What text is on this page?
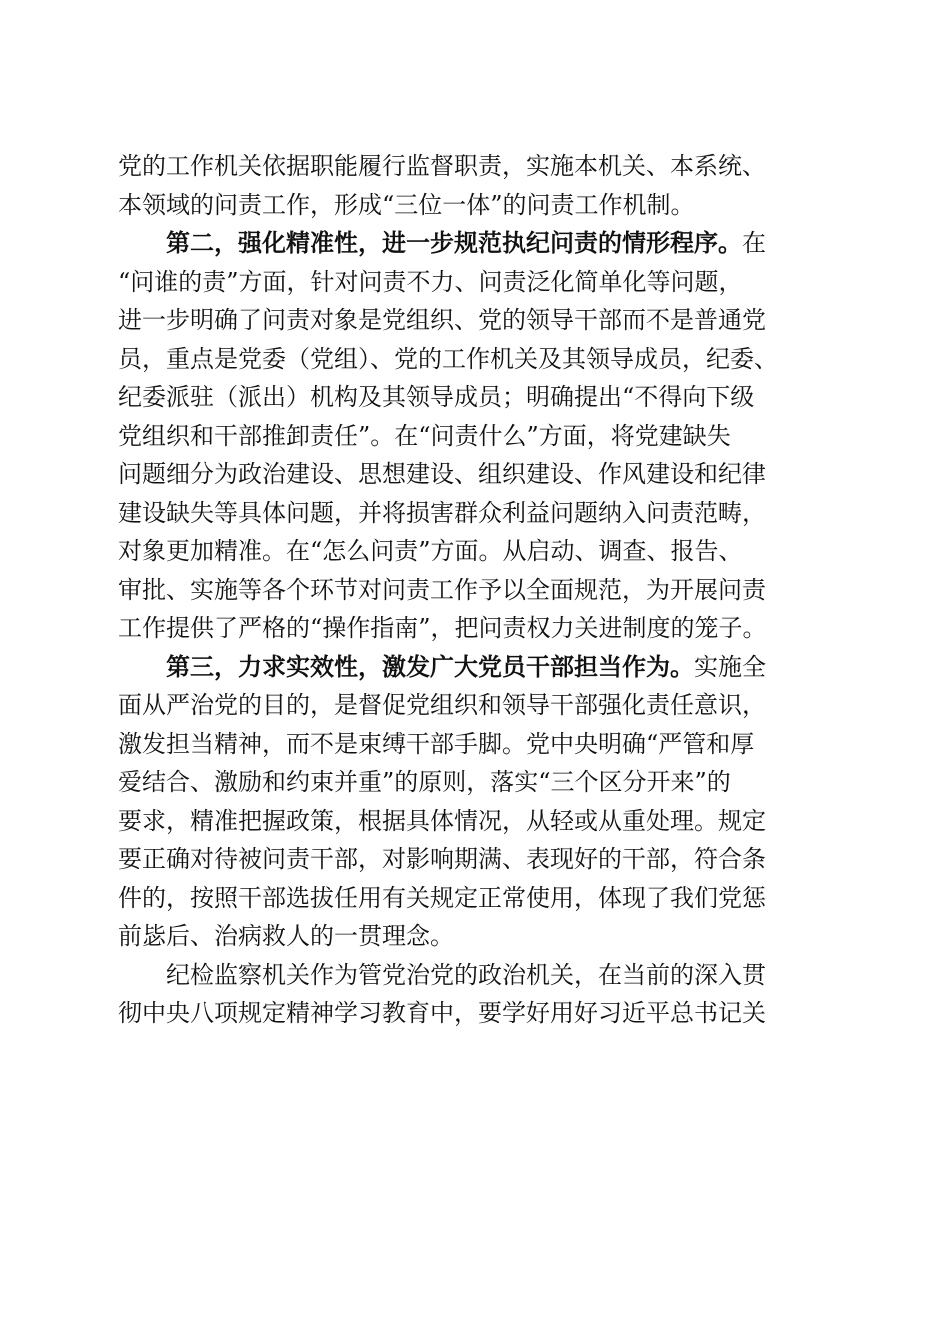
党的工作机关依据职能履行监督职责，实施本机关、本系统、
本领域的问责工作，形成“三位一体”的问责工作机制。
第二，强化精准性，进一步规范执纪问责的情形程序。在
“问谁的责”方面，针对问责不力、问责泛化简单化等问题，
进一步明确了问责对象是党组织、党的领导干部而不是普通党
员，重点是党委（党组）、党的工作机关及其领导成员，纪委、
纪委派驻（派出）机构及其领导成员；明确提出“不得向下级
党组织和干部推卸责任”。在“问责什么”方面，将党建缺失
问题细分为政治建设、思想建设、组织建设、作风建设和纪律
建设缺失等具体问题，并将损害群众利益问题纳入问责范畴，
对象更加精准。在“怎么问责”方面。从启动、调查、报告、
审批、实施等各个环节对问责工作予以全面规范，为开展问责
工作提供了严格的“操作指南”，把问责权力关进制度的笼子。
第三，力求实效性，激发广大党员干部担当作为。实施全
面从严治党的目的，是督促党组织和领导干部强化责任意识，
激发担当精神，而不是束缚干部手脚。党中央明确“严管和厚
爱结合、激励和约束并重”的原则，落实“三个区分开来”的
要求，精准把握政策，根据具体情况，从轻或从重处理。规定
要正确对待被问责干部，对影响期满、表现好的干部，符合条
件的，按照干部选拔任用有关规定正常使用，体现了我们党惩
前毖后、治病救人的一贯理念。
纪检监察机关作为管党治党的政治机关，在当前的深入贯
彻中央八项规定精神学习教育中，要学好用好习近平总书记关
